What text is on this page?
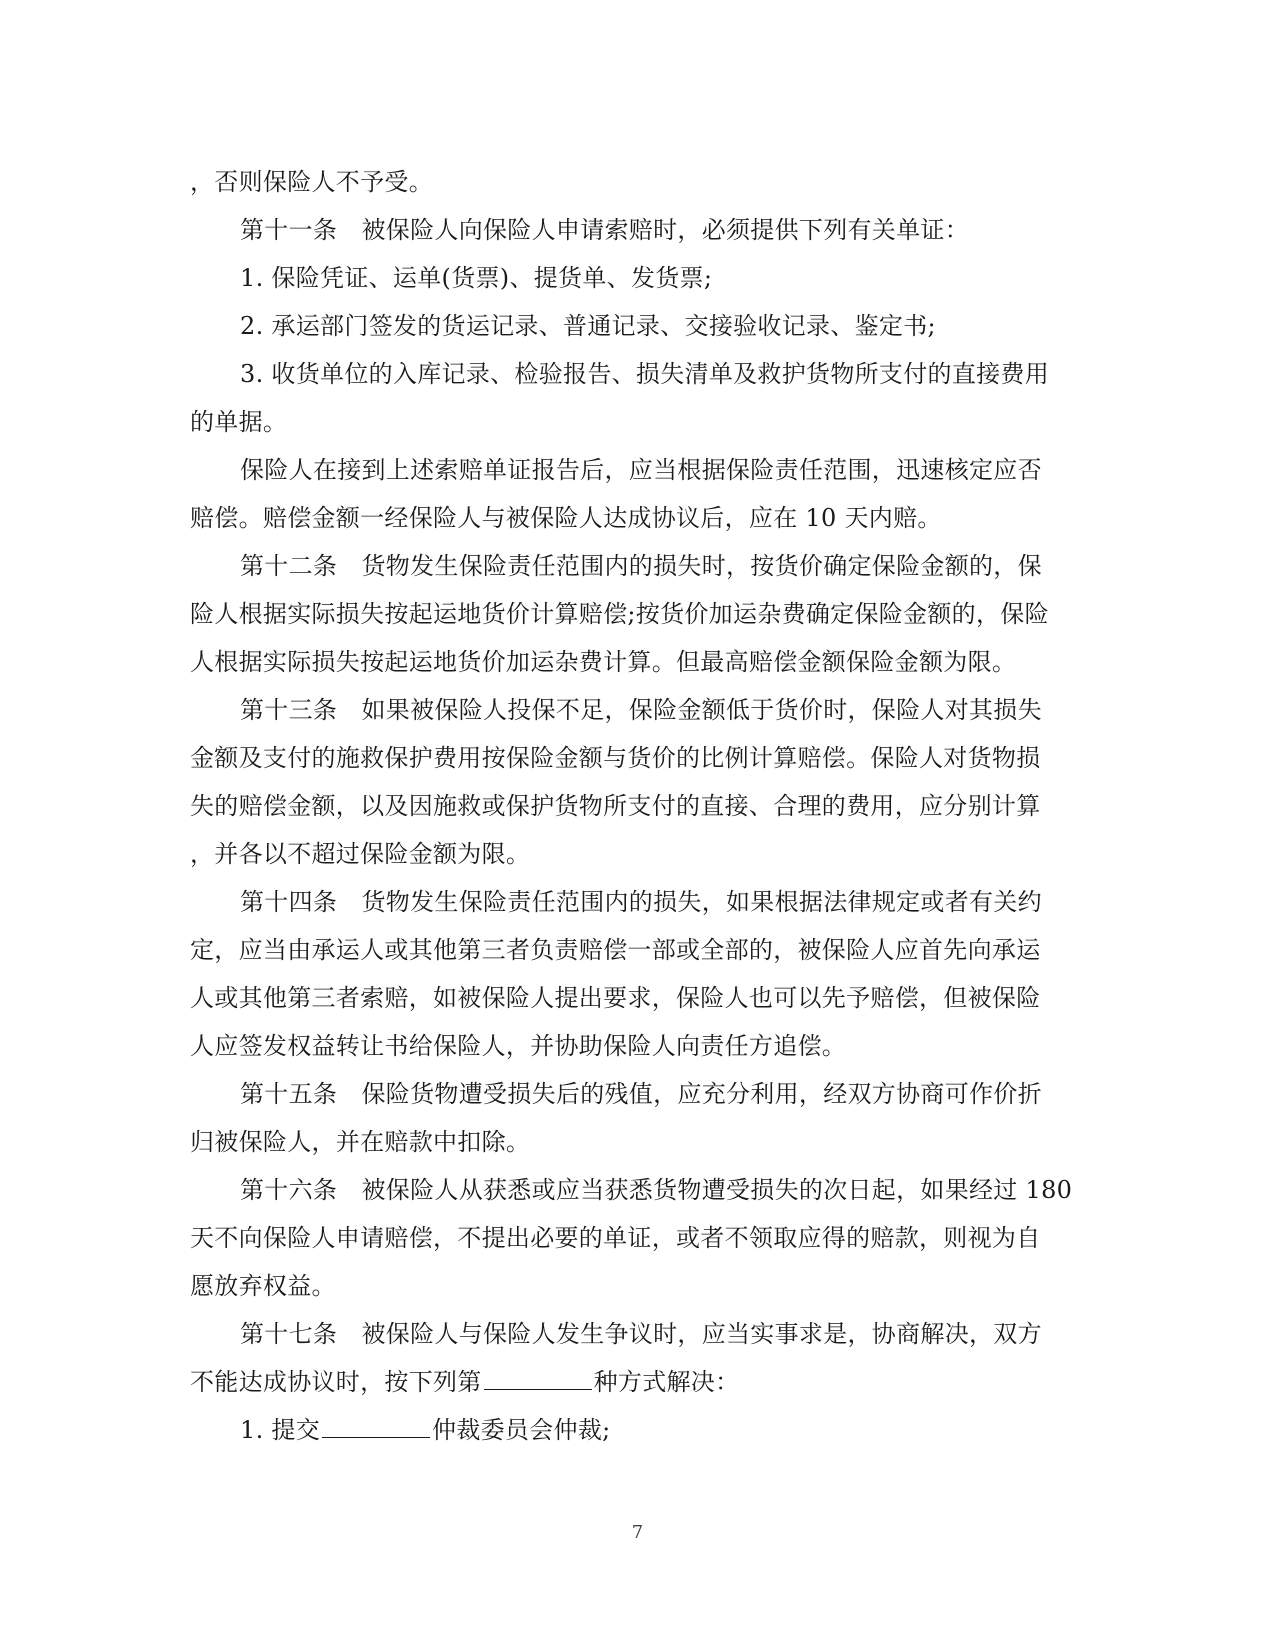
，否则保险人不予受。
第十一条　被保险人向保险人申请索赔时，必须提供下列有关单证：
1. 保险凭证、运单(货票)、提货单、发货票;
2. 承运部门签发的货运记录、普通记录、交接验收记录、鉴定书;
3. 收货单位的入库记录、检验报告、损失清单及救护货物所支付的直接费用
的单据。
保险人在接到上述索赔单证报告后，应当根据保险责任范围，迅速核定应否
赔偿。赔偿金额一经保险人与被保险人达成协议后，应在 10 天内赔。
第十二条　货物发生保险责任范围内的损失时，按货价确定保险金额的，保
险人根据实际损失按起运地货价计算赔偿;按货价加运杂费确定保险金额的，保险
人根据实际损失按起运地货价加运杂费计算。但最高赔偿金额保险金额为限。
第十三条　如果被保险人投保不足，保险金额低于货价时，保险人对其损失
金额及支付的施救保护费用按保险金额与货价的比例计算赔偿。保险人对货物损
失的赔偿金额，以及因施救或保护货物所支付的直接、合理的费用，应分别计算
，并各以不超过保险金额为限。
第十四条　货物发生保险责任范围内的损失，如果根据法律规定或者有关约
定，应当由承运人或其他第三者负责赔偿一部或全部的，被保险人应首先向承运
人或其他第三者索赔，如被保险人提出要求，保险人也可以先予赔偿，但被保险
人应签发权益转让书给保险人，并协助保险人向责任方追偿。
第十五条　保险货物遭受损失后的残值，应充分利用，经双方协商可作价折
归被保险人，并在赔款中扣除。
第十六条　被保险人从获悉或应当获悉货物遭受损失的次日起，如果经过 180
天不向保险人申请赔偿，不提出必要的单证，或者不领取应得的赔款，则视为自
愿放弃权益。
第十七条　被保险人与保险人发生争议时，应当实事求是，协商解决，双方
不能达成协议时，按下列第	种方式解决：
1. 提交	仲裁委员会仲裁;
7
